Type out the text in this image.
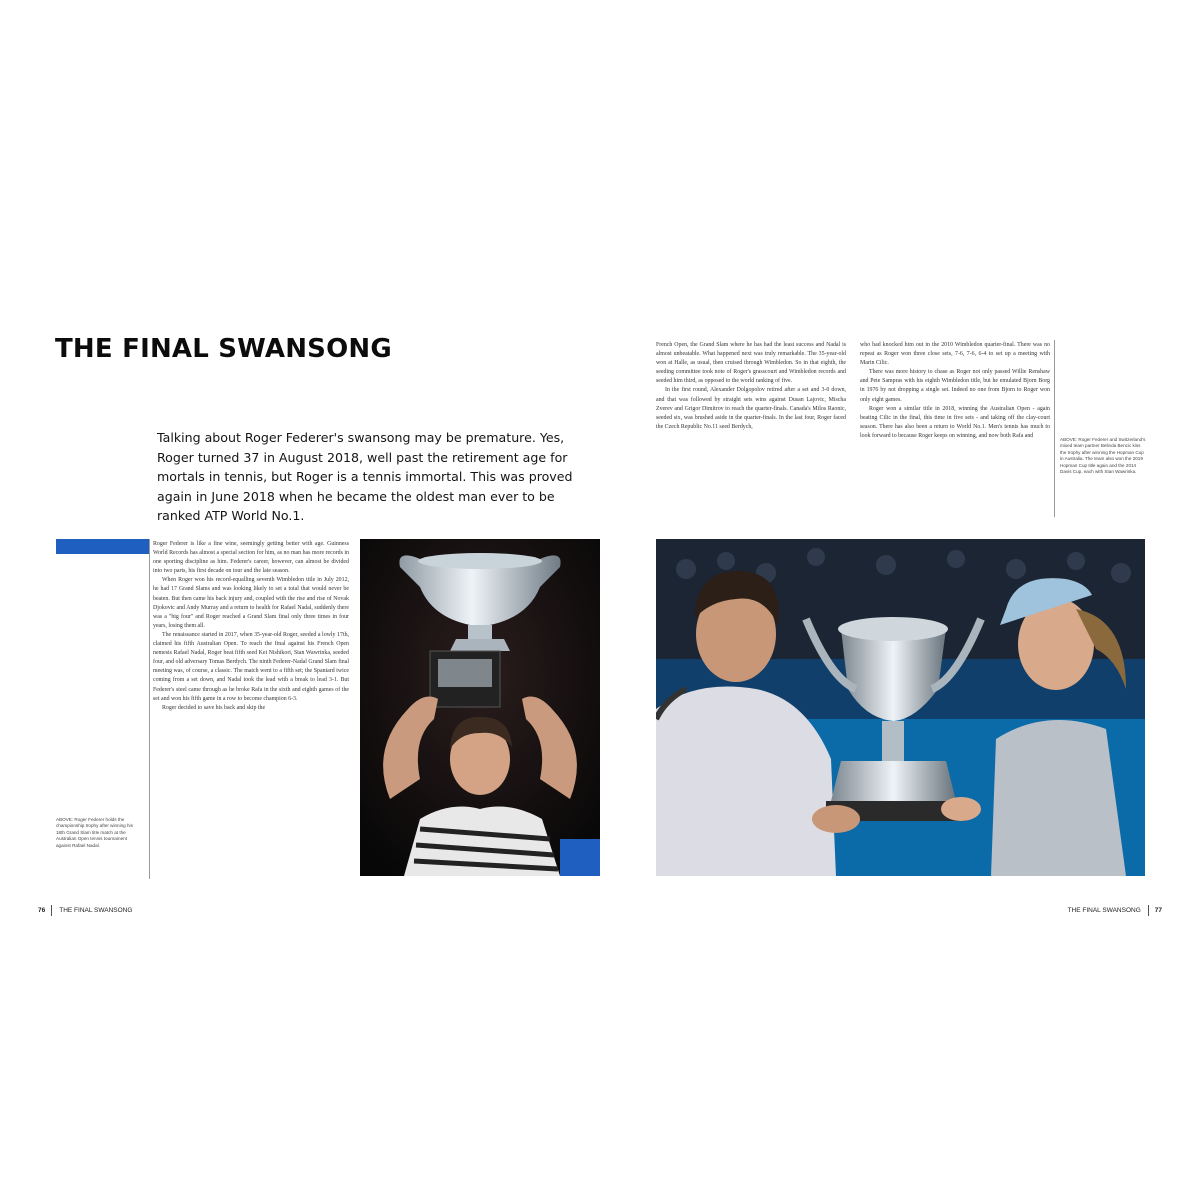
THE FINAL SWANSONG
Talking about Roger Federer's swansong may be premature. Yes, Roger turned 37 in August 2018, well past the retirement age for mortals in tennis, but Roger is a tennis immortal. This was proved again in June 2018 when he became the oldest man ever to be ranked ATP World No.1.
ABOVE: Roger Federer holds the championship trophy after winning his 18th Grand Slam title match at the Australian Open tennis tournament against Rafael Nadal.

Roger Federer is like a fine wine, seemingly getting better with age. Guinness World Records has almost a special section for him, as no man has more records in one sporting discipline as him. Federer's career, however, can almost be divided into two parts, his first decade on tour and the late season.

When Roger won his record-equalling seventh Wimbledon title in July 2012, he had 17 Grand Slams and was looking likely to set a total that would never be beaten. But then came his back injury and, coupled with the rise and rise of Novak Djokovic and Andy Murray and a return to health for Rafael Nadal, suddenly there was a "big four" and Roger reached a Grand Slam final only three times in four years, losing them all.

The renaissance started in 2017, when 35-year-old Roger, seeded a lowly 17th, claimed his fifth Australian Open. To reach the final against his French Open nemesis Rafael Nadal, Roger beat fifth seed Kei Nishikori, Stan Wawrinka, seeded four, and old adversary Tomas Berdych. The ninth Federer-Nadal Grand Slam final meeting was, of course, a classic. The match went to a fifth set; the Spaniard twice coming from a set down, and Nadal took the lead with a break to lead 3-1. But Federer's steel came through as he broke Rafa in the sixth and eighth games of the set and won his fifth game in a row to become champion 6-3.

Roger decided to save his back and skip the

76 THE FINAL SWANSONG

French Open, the Grand Slam where he has had the least success and Nadal is almost unbeatable. What happened next was truly remarkable. The 35-year-old won at Halle, as usual, then cruised through Wimbledon. So in that eighth, the seeding committee took note of Roger's grasscourt and Wimbledon records and seeded him third, as opposed to the world ranking of five.

In the first round, Alexander Dolgopolov retired after a set and 3-0 down, and that was followed by straight sets wins against Dusan Lajovic, Mischa Zverev and Grigor Dimitrov to reach the quarter-finals. Canada's Milos Raonic, seeded six, was brushed aside in the quarter-finals. In the last four, Roger faced the Czech Republic No.11 seed Berdych,

who had knocked him out in the 2010 Wimbledon quarter-final. There was no repeat as Roger won three close sets, 7-6, 7-6, 6-4 to set up a meeting with Marin Cilic.

There was more history to chase as Roger not only passed Willie Renshaw and Pete Sampras with his eighth Wimbledon title, but he emulated Bjorn Borg in 1976 by not dropping a single set. Indeed no one from Bjorn to Roger won only eight games.

Roger won a similar title in 2018, winning the Australian Open - again beating Cilic in the final, this time in five sets - and taking off the clay-court season. There has also been a return to World No.1. Men's tennis has much to look forward to because Roger keeps on winning, and now both Rafa and

ABOVE: Roger Federer and Switzerland's mixed team partner Belinda Bencic kiss the trophy after winning the Hopman Cup in Australia. The team also won the 2019 Hopman Cup title again and the 2014 Davis Cup, each with Stan Wawrinka.
THE FINAL SWANSONG 77
